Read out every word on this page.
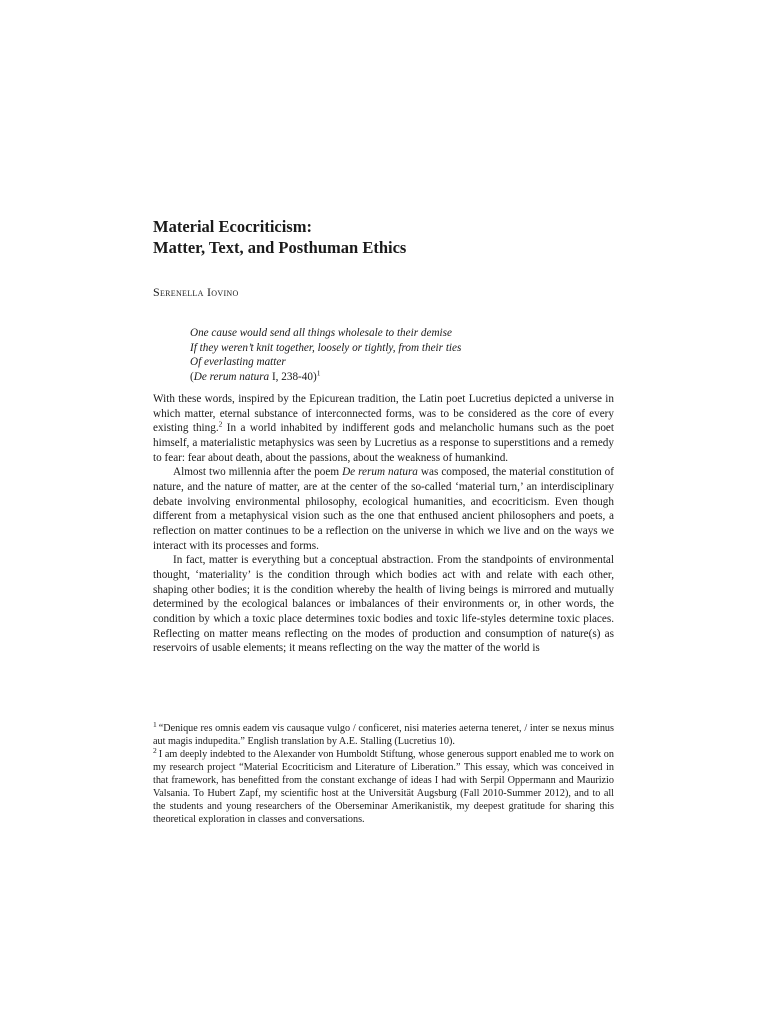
Material Ecocriticism:
Matter, Text, and Posthuman Ethics
Serenella Iovino
One cause would send all things wholesale to their demise
If they weren’t knit together, loosely or tightly, from their ties
Of everlasting matter
(De rerum natura I, 238-40)$^1$

With these words, inspired by the Epicurean tradition, the Latin poet Lucretius depicted a universe in which matter, eternal substance of interconnected forms, was to be considered as the core of every existing thing.$^2$ In a world inhabited by indifferent gods and melancholic humans such as the poet himself, a materialistic metaphysics was seen by Lucretius as a response to superstitions and a remedy to fear: fear about death, about the passions, about the weakness of humankind.

Almost two millennia after the poem De rerum natura was composed, the material constitution of nature, and the nature of matter, are at the center of the so-called ‘material turn,’ an interdisciplinary debate involving environmental philosophy, ecological humanities, and ecocriticism. Even though different from a metaphysical vision such as the one that enthused ancient philosophers and poets, a reflection on matter continues to be a reflection on the universe in which we live and on the ways we interact with its processes and forms.

In fact, matter is everything but a conceptual abstraction. From the standpoints of environmental thought, ‘materiality’ is the condition through which bodies act with and relate with each other, shaping other bodies; it is the condition whereby the health of living beings is mirrored and mutually determined by the ecological balances or imbalances of their environments or, in other words, the condition by which a toxic place determines toxic bodies and toxic life-styles determine toxic places. Reflecting on matter means reflecting on the modes of production and consumption of nature(s) as reservoirs of usable elements; it means reflecting on the way the matter of the world is

$^1$ “Denique res omnis eadem vis causaque vulgo / conficeret, nisi materies aeterna teneret, / inter se nexus minus aut magis indupedita.” English translation by A.E. Stalling (Lucretius 10).

$^2$ I am deeply indebted to the Alexander von Humboldt Stiftung, whose generous support enabled me to work on my research project “Material Ecocriticism and Literature of Liberation.” This essay, which was conceived in that framework, has benefitted from the constant exchange of ideas I had with Serpil Oppermann and Maurizio Valsania. To Hubert Zapf, my scientific host at the Universität Augsburg (Fall 2010-Summer 2012), and to all the students and young researchers of the Oberseminar Amerikanistik, my deepest gratitude for sharing this theoretical exploration in classes and conversations.
